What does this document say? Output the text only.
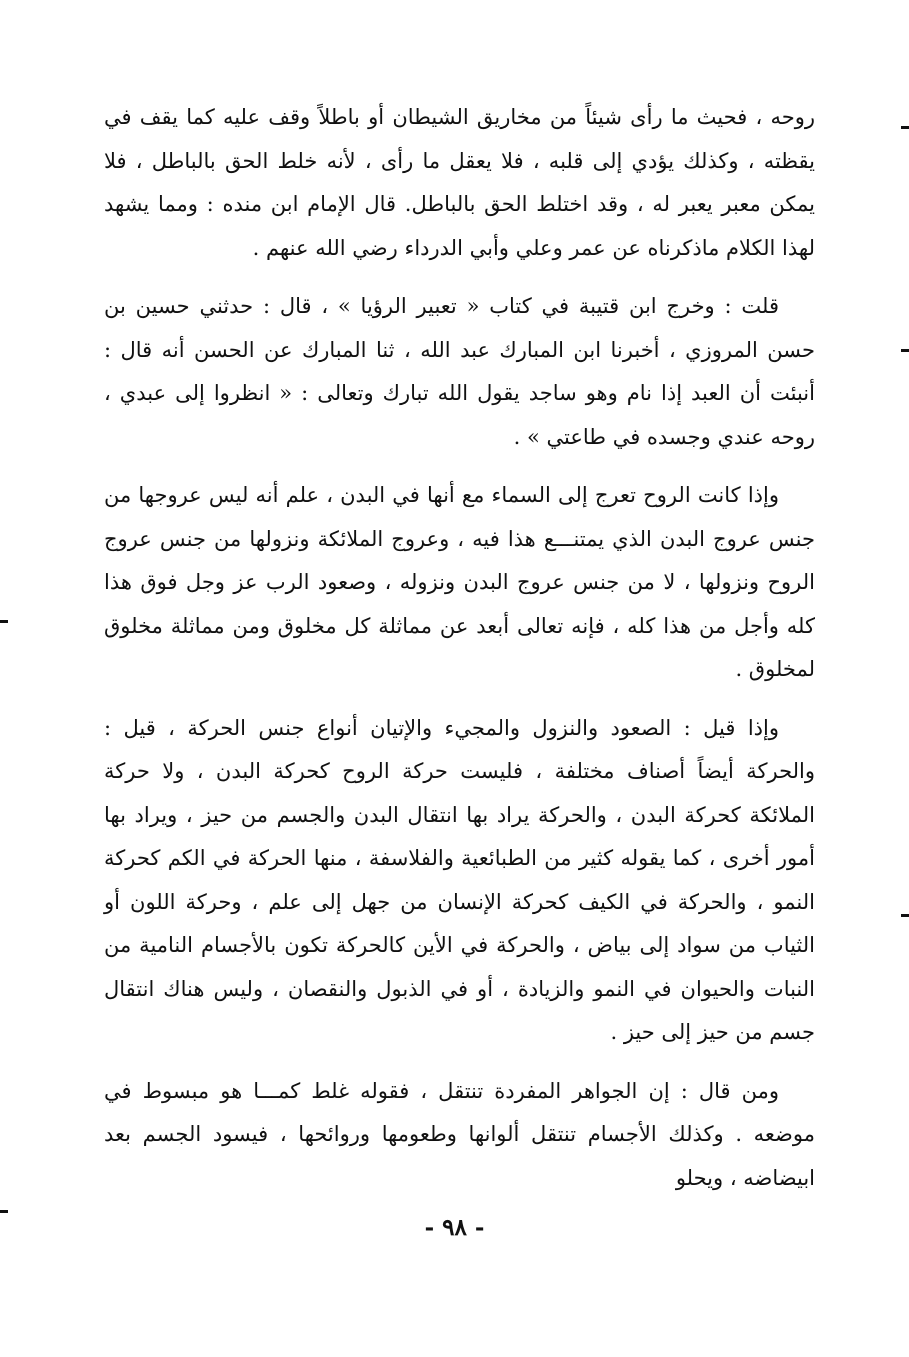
روحه ، فحيث ما رأى شيئاً من مخاريق الشيطان أو باطلاً وقف عليه كما يقف في يقظته ، وكذلك يؤدي إلى قلبه ، فلا يعقل ما رأى ، لأنه خلط الحق بالباطل ، فلا يمكن معبر يعبر له ، وقد اختلط الحق بالباطل. قال الإمام ابن منده : ومما يشهد لهذا الكلام ماذكرناه عن عمر وعلي وأبي الدرداء رضي الله عنهم .

قلت : وخرج ابن قتيبة في كتاب « تعبير الرؤيا » ، قال : حدثني حسين بن حسن المروزي ، أخبرنا ابن المبارك عبد الله ، ثنا المبارك عن الحسن أنه قال : أنبئت أن العبد إذا نام وهو ساجد يقول الله تبارك وتعالى : « انظروا إلى عبدي ، روحه عندي وجسده في طاعتي » .

وإذا كانت الروح تعرج إلى السماء مع أنها في البدن ، علم أنه ليس عروجها من جنس عروج البدن الذي يمتنـــع هذا فيه ، وعروج الملائكة ونزولها من جنس عروج الروح ونزولها ، لا من جنس عروج البدن ونزوله ، وصعود الرب عز وجل فوق هذا كله وأجل من هذا كله ، فإنه تعالى أبعد عن مماثلة كل مخلوق ومن مماثلة مخلوق لمخلوق .

وإذا قيل : الصعود والنزول والمجيء والإتيان أنواع جنس الحركة ، قيل : والحركة أيضاً أصناف مختلفة ، فليست حركة الروح كحركة البدن ، ولا حركة الملائكة كحركة البدن ، والحركة يراد بها انتقال البدن والجسم من حيز ، ويراد بها أمور أخرى ، كما يقوله كثير من الطبائعية والفلاسفة ، منها الحركة في الكم كحركة النمو ، والحركة في الكيف كحركة الإنسان من جهل إلى علم ، وحركة اللون أو الثياب من سواد إلى بياض ، والحركة في الأين كالحركة تكون بالأجسام النامية من النبات والحيوان في النمو والزيادة ، أو في الذبول والنقصان ، وليس هناك انتقال جسم من حيز إلى حيز .

ومن قال : إن الجواهر المفردة تنتقل ، فقوله غلط كمـــا هو مبسوط في موضعه . وكذلك الأجسام تنتقل ألوانها وطعومها وروائحها ، فيسود الجسم بعد ابيضاضه ، ويحلو

- ٩٨ -
